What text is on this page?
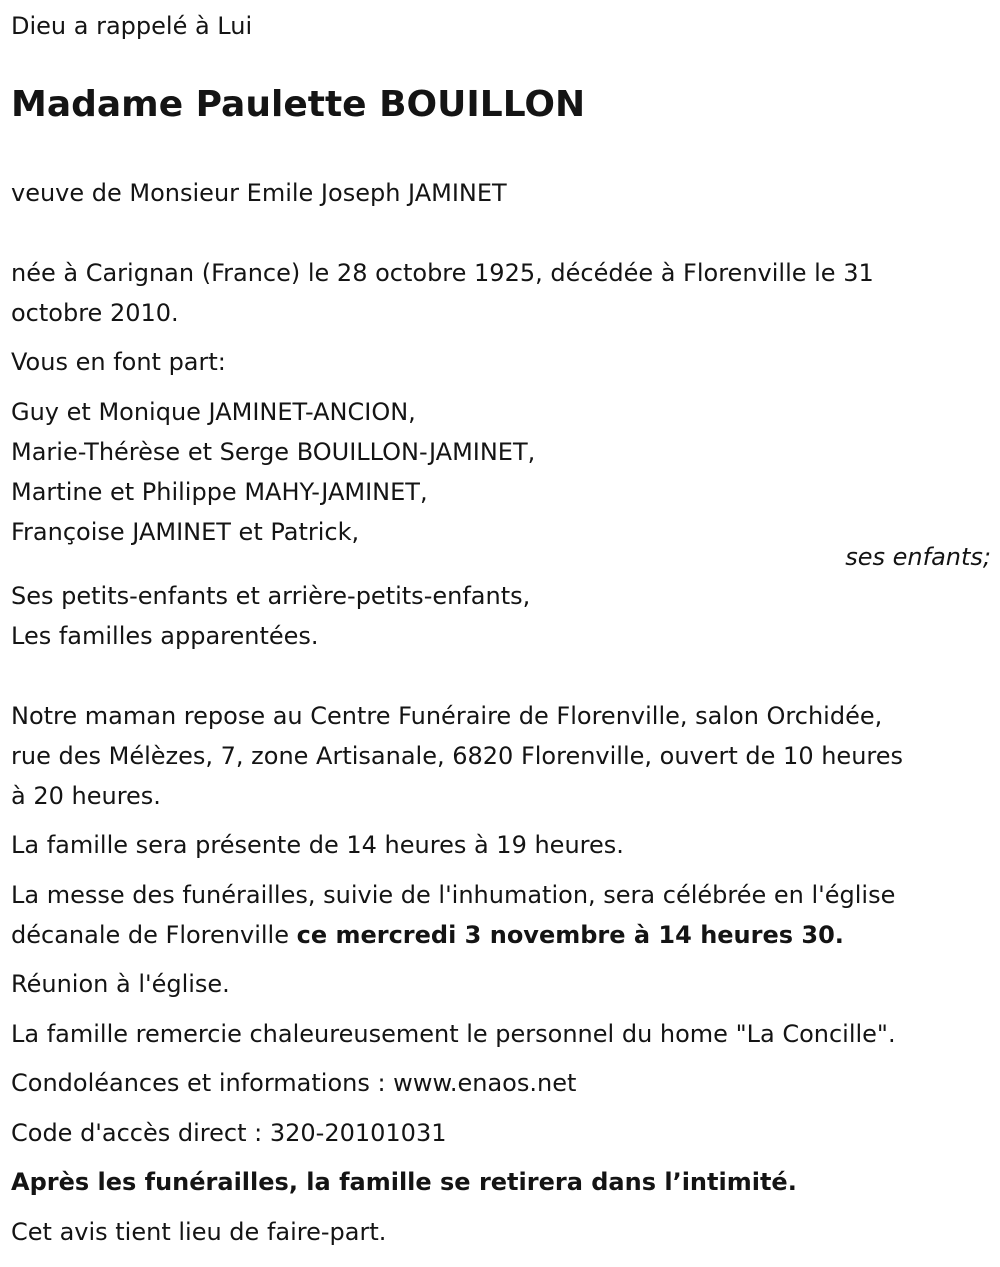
Dieu a rappelé à Lui

Madame Paulette BOUILLON

veuve de Monsieur Emile Joseph JAMINET

née à Carignan (France) le 28 octobre 1925, décédée à Florenville le 31

octobre 2010.

Vous en font part:

Guy et Monique JAMINET-ANCION,

Marie-Thérèse et Serge BOUILLON-JAMINET,

Martine et Philippe MAHY-JAMINET,

Françoise JAMINET et Patrick,

ses enfants;

Ses petits-enfants et arrière-petits-enfants,

Les familles apparentées.

Notre maman repose au Centre Funéraire de Florenville, salon Orchidée,

rue des Mélèzes, 7, zone Artisanale, 6820 Florenville, ouvert de 10 heures

à 20 heures.

La famille sera présente de 14 heures à 19 heures.

La messe des funérailles, suivie de l'inhumation, sera célébrée en l'église

décanale de Florenville ce mercredi 3 novembre à 14 heures 30.

Réunion à l'église.

La famille remercie chaleureusement le personnel du home "La Concille".

Condoléances et informations : www.enaos.net

Code d'accès direct : 320-20101031

Après les funérailles, la famille se retirera dans l’intimité.

Cet avis tient lieu de faire-part.
